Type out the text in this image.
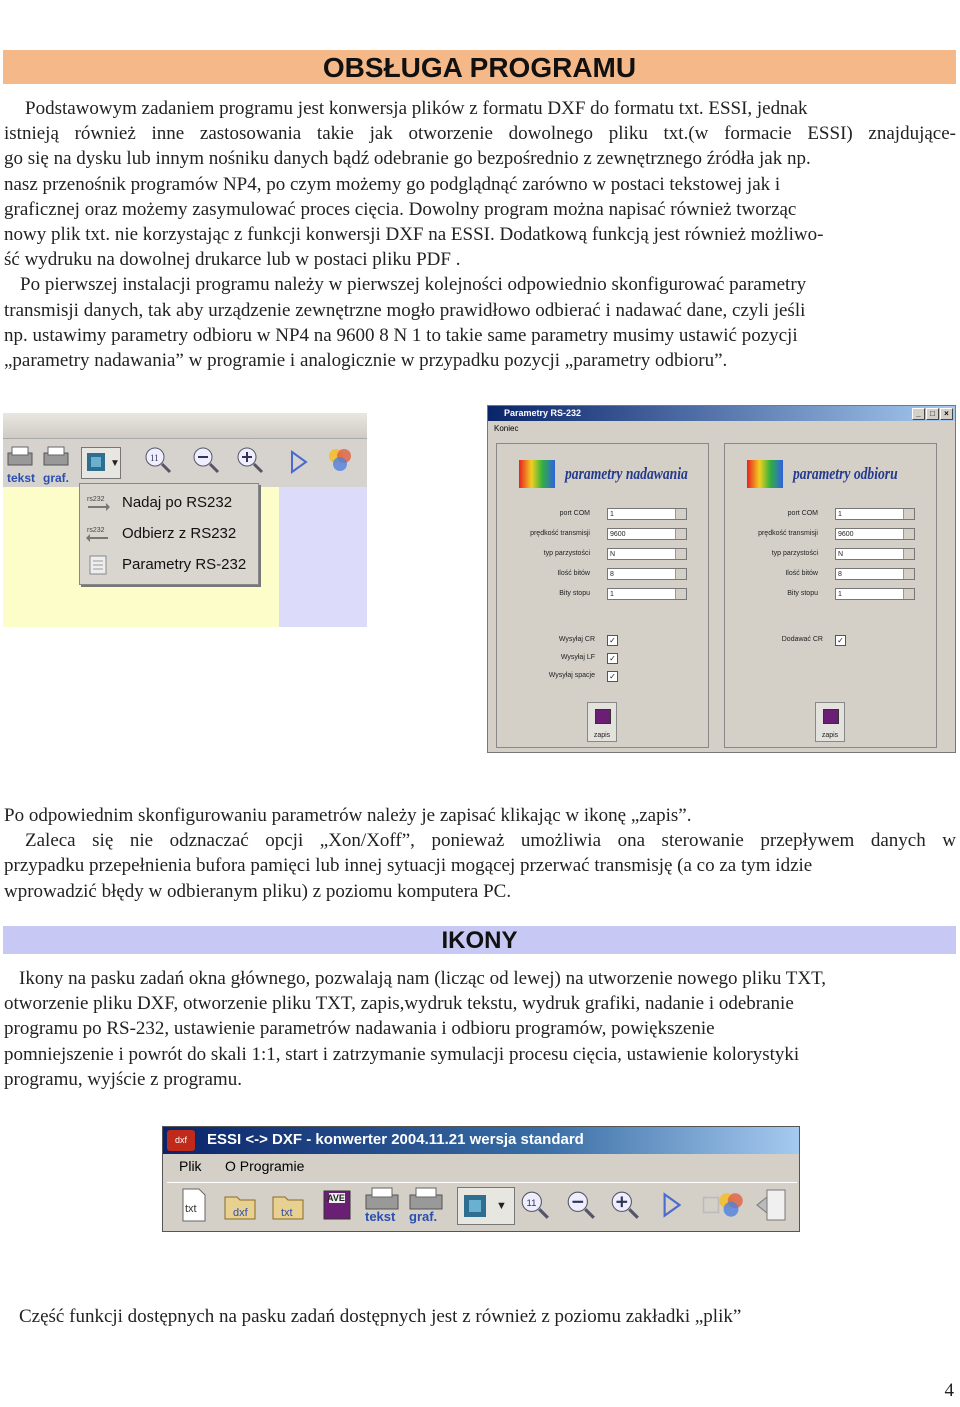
OBSŁUGA PROGRAMU
Podstawowym zadaniem programu jest konwersja plików z formatu DXF do formatu txt. ESSI, jednak
istnieją również inne zastosowania takie jak otworzenie dowolnego pliku txt.(w formacie ESSI) znajdujące-
go się na dysku lub innym nośniku danych bądź odebranie go bezpośrednio z zewnętrznego źródła jak np.
nasz przenośnik programów NP4, po czym możemy go podglądnąć zarówno w postaci tekstowej jak i
graficznej oraz możemy zasymulować proces cięcia. Dowolny program można napisać również tworząc
nowy plik txt. nie korzystając z funkcji konwersji DXF na ESSI. Dodatkową funkcją jest również możliwo-
ść wydruku na dowolnej drukarce lub w postaci pliku PDF .
Po pierwszej instalacji programu należy w pierwszej kolejności odpowiednio skonfigurować parametry
transmisji danych, tak aby urządzenie zewnętrzne mogło prawidłowo odbierać i nadawać dane, czyli jeśli
np. ustawimy parametry odbioru w NP4 na 9600 8 N 1 to takie same parametry musimy ustawić pozycji
„parametry nadawania” w programie i analogicznie w przypadku pozycji „parametry odbioru”.
tekst graf.
▼	11
rs232 Nadaj po RS232
rs232 Odbierz z RS232
Parametry RS-232
Parametry RS-232	_	□	×
Koniec
parametry nadawania
port COM	1
prędkość transmisji	9600
typ parzystości	N
Ilość bitów	8
Bity stopu	1
Wysyłaj CR ✓
Wysyłaj LF ✓
Wysyłaj spacje ✓
zapis
parametry odbioru
port COM	1
prędkość transmisji	9600
typ parzystości	N
Ilość bitów	8
Bity stopu	1
Dodawać CR ✓
zapis
Po odpowiednim skonfigurowaniu parametrów należy je zapisać klikając w ikonę „zapis”.
Zaleca się nie odznaczać opcji „Xon/Xoff”, ponieważ umożliwia ona sterowanie przepływem danych w
przypadku przepełnienia bufora pamięci lub innej sytuacji mogącej przerwać transmisję (a co za tym idzie
wprowadzić błędy w odbieranym pliku) z poziomu komputera PC.
IKONY
Ikony na pasku zadań okna głównego, pozwalają nam (licząc od lewej) na utworzenie nowego pliku TXT,
otworzenie pliku DXF, otworzenie pliku TXT, zapis,wydruk tekstu, wydruk grafiki, nadanie i odebranie
programu po RS-232, ustawienie parametrów nadawania i odbioru programów, powiększenie
pomniejszenie i powrót do skali 1:1, start i zatrzymanie symulacji procesu cięcia, ustawienie kolorystyki
programu, wyjście z programu.
dxf	ESSI <-> DXF - konwerter 2004.11.21 wersja standard
Plik O Programie
txt	dxf	txt
AVE
tekst graf.
▼ 11
Część funkcji dostępnych na pasku zadań dostępnych jest z również z poziomu zakładki „plik”
4
